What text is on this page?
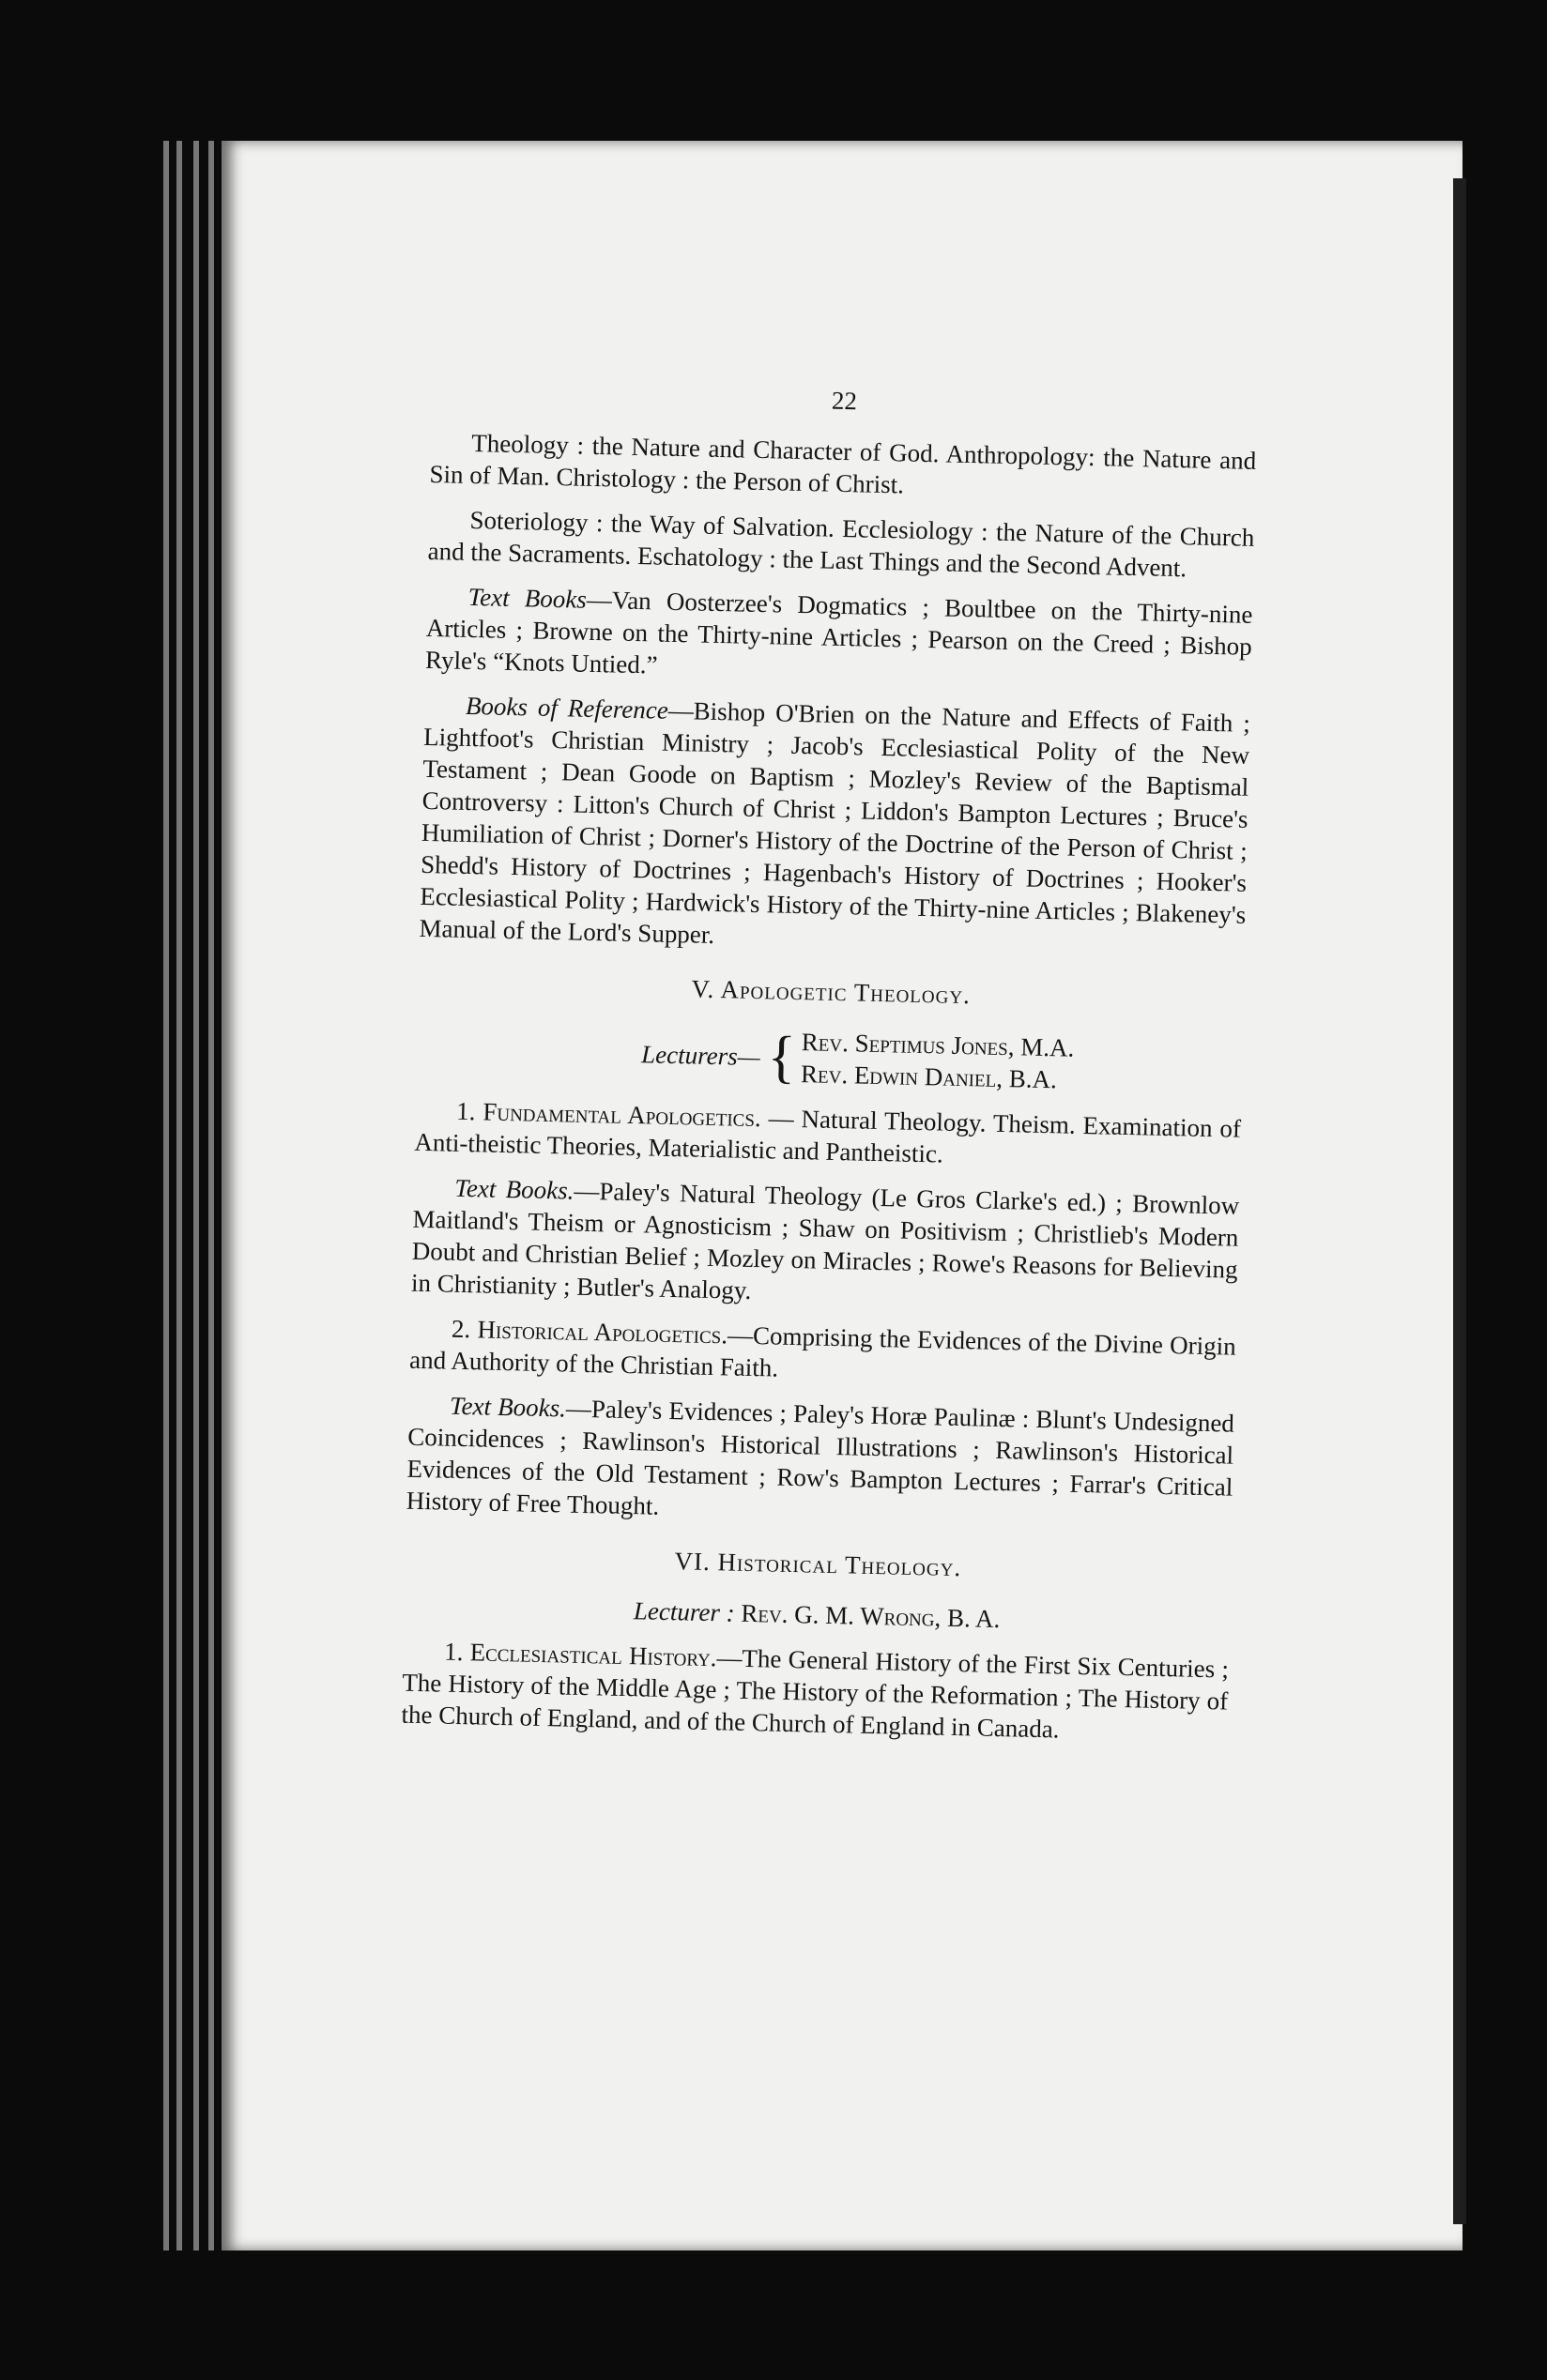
22

Theology : the Nature and Character of God. Anthropology: the Nature and Sin of Man. Christology : the Person of Christ.

Soteriology : the Way of Salvation. Ecclesiology : the Nature of the Church and the Sacraments. Eschatology : the Last Things and the Second Advent.

Text Books—Van Oosterzee's Dogmatics ; Boultbee on the Thirty-nine Articles ; Browne on the Thirty-nine Articles ; Pearson on the Creed ; Bishop Ryle's “Knots Untied.”

Books of Reference—Bishop O'Brien on the Nature and Effects of Faith ; Lightfoot's Christian Ministry ; Jacob's Ecclesiastical Polity of the New Testament ; Dean Goode on Baptism ; Mozley's Review of the Baptismal Controversy : Litton's Church of Christ ; Liddon's Bampton Lectures ; Bruce's Humiliation of Christ ; Dorner's History of the Doctrine of the Person of Christ ; Shedd's History of Doctrines ; Hagenbach's History of Doctrines ; Hooker's Ecclesiastical Polity ; Hardwick's History of the Thirty-nine Articles ; Blakeney's Manual of the Lord's Supper.

V. Apologetic Theology.
Lecturers— { Rev. Septimus Jones, M.A.
Rev. Edwin Daniel, B.A.

1. Fundamental Apologetics. — Natural Theology. Theism. Examination of Anti-theistic Theories, Materialistic and Pantheistic.

Text Books.—Paley's Natural Theology (Le Gros Clarke's ed.) ; Brownlow Maitland's Theism or Agnosticism ; Shaw on Positivism ; Christlieb's Modern Doubt and Christian Belief ; Mozley on Miracles ; Rowe's Reasons for Believing in Christianity ; Butler's Analogy.

2. Historical Apologetics.—Comprising the Evidences of the Divine Origin and Authority of the Christian Faith.

Text Books.—Paley's Evidences ; Paley's Horæ Paulinæ : Blunt's Undesigned Coincidences ; Rawlinson's Historical Illustrations ; Rawlinson's Historical Evidences of the Old Testament ; Row's Bampton Lectures ; Farrar's Critical History of Free Thought.

VI. Historical Theology.
Lecturer : Rev. G. M. Wrong, B. A.

1. Ecclesiastical History.—The General History of the First Six Centuries ; The History of the Middle Age ; The History of the Reformation ; The History of the Church of England, and of the Church of England in Canada.
